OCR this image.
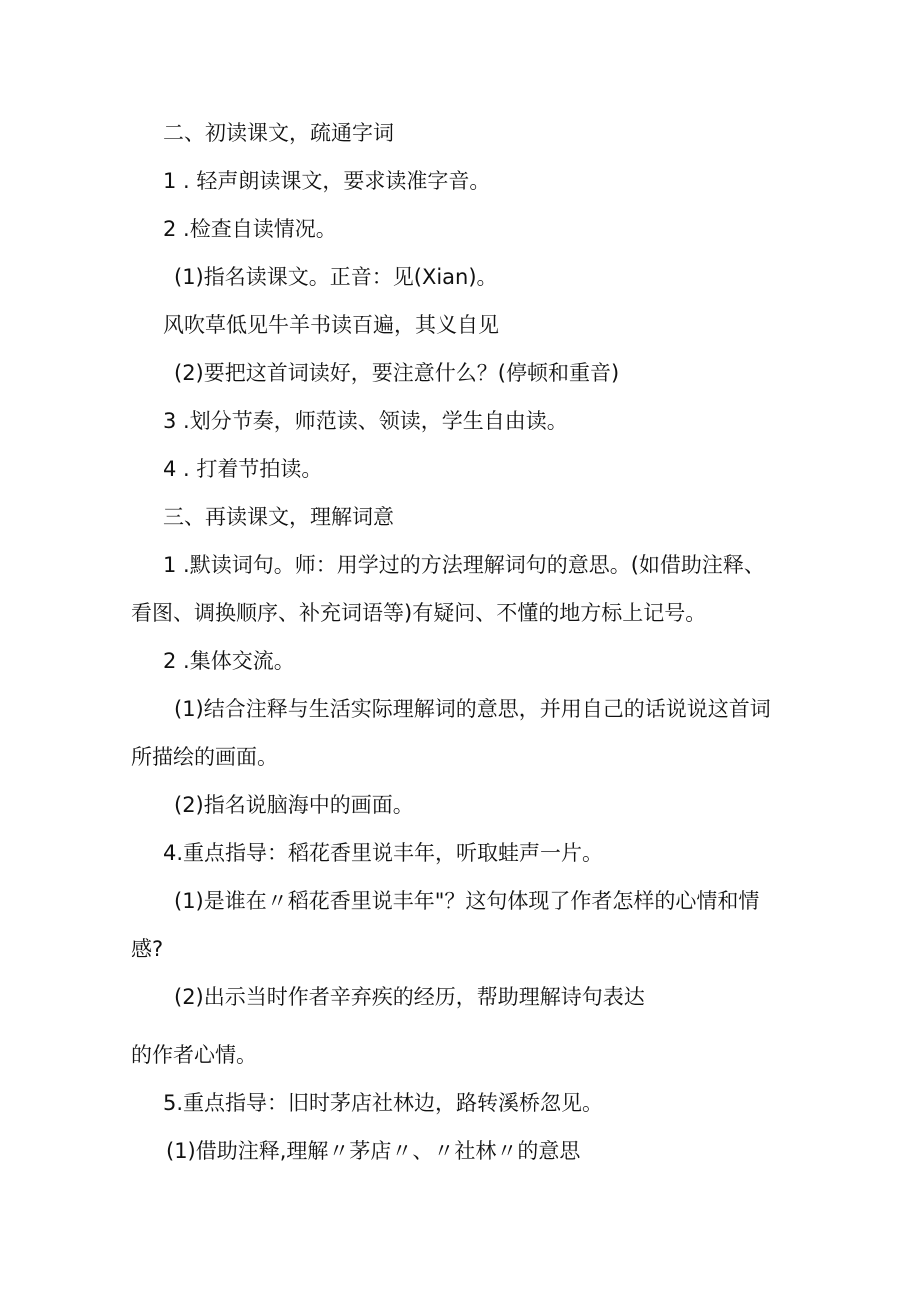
二、初读课文，疏通字词
1 . 轻声朗读课文，要求读准字音。
2 .检查自读情况。
(1)指名读课文。正音：见(Xian)。
风吹草低见牛羊书读百遍，其义自见
(2)要把这首词读好，要注意什么？(停顿和重音)
3 .划分节奏，师范读、领读，学生自由读。
4 . 打着节拍读。
三、再读课文，理解词意
1 .默读词句。师：用学过的方法理解词句的意思。(如借助注释、
看图、调换顺序、补充词语等)有疑问、不懂的地方标上记号。
2 .集体交流。
(1)结合注释与生活实际理解词的意思，并用自己的话说说这首词
所描绘的画面。
(2)指名说脑海中的画面。
4.重点指导：稻花香里说丰年，听取蛙声一片。
(1)是谁在〃稻花香里说丰年"？这句体现了作者怎样的心情和情
感?
(2)出示当时作者辛弃疾的经历，帮助理解诗句表达
的作者心情。
5.重点指导：旧时茅店社林边，路转溪桥忽见。
(1)借助注释,理解〃茅店〃、〃社林〃的意思
